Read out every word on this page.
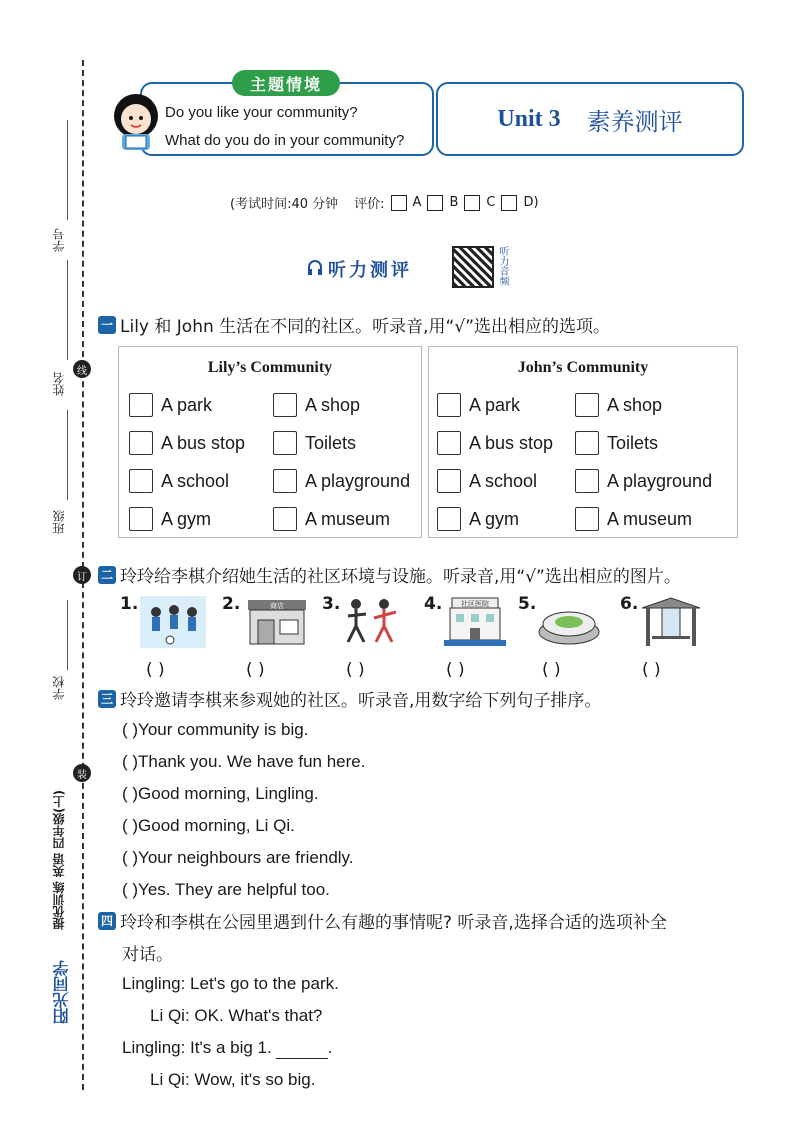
学号
姓名
线
班级
订
学校
装
提优训练 英语 四年级(上)
阳光同学
主题情境
Do you like your community?
What do you do in your community?
Unit 3 素养测评
(考试时间:40 分钟 评价: A B C D)
听力测评	听力音频
一 Lily 和 John 生活在不同的社区。听录音,用“√”选出相应的选项。
Lily’s Community
A park	A shop
A bus stop	Toilets
A school	A playground
A gym	A museum
John’s Community
A park	A shop
A bus stop	Toilets
A school	A playground
A gym	A museum
二 玲玲给李棋介绍她生活的社区环境与设施。听录音,用“√”选出相应的图片。
1.	2.	商店 3.	4.	社区医院 5.	6.
( )	( )	( )	( )	( )	( )
三 玲玲邀请李棋来参观她的社区。听录音,用数字给下列句子排序。
( )Your community is big.
( )Thank you. We have fun here.
( )Good morning, Lingling.
( )Good morning, Li Qi.
( )Your neighbours are friendly.
( )Yes. They are helpful too.
四 玲玲和李棋在公园里遇到什么有趣的事情呢? 听录音,选择合适的选项补全
对话。
Lingling: Let's go to the park.
Li Qi: OK. What's that?
Lingling: It's a big 1.	.
Li Qi: Wow, it's so big.
